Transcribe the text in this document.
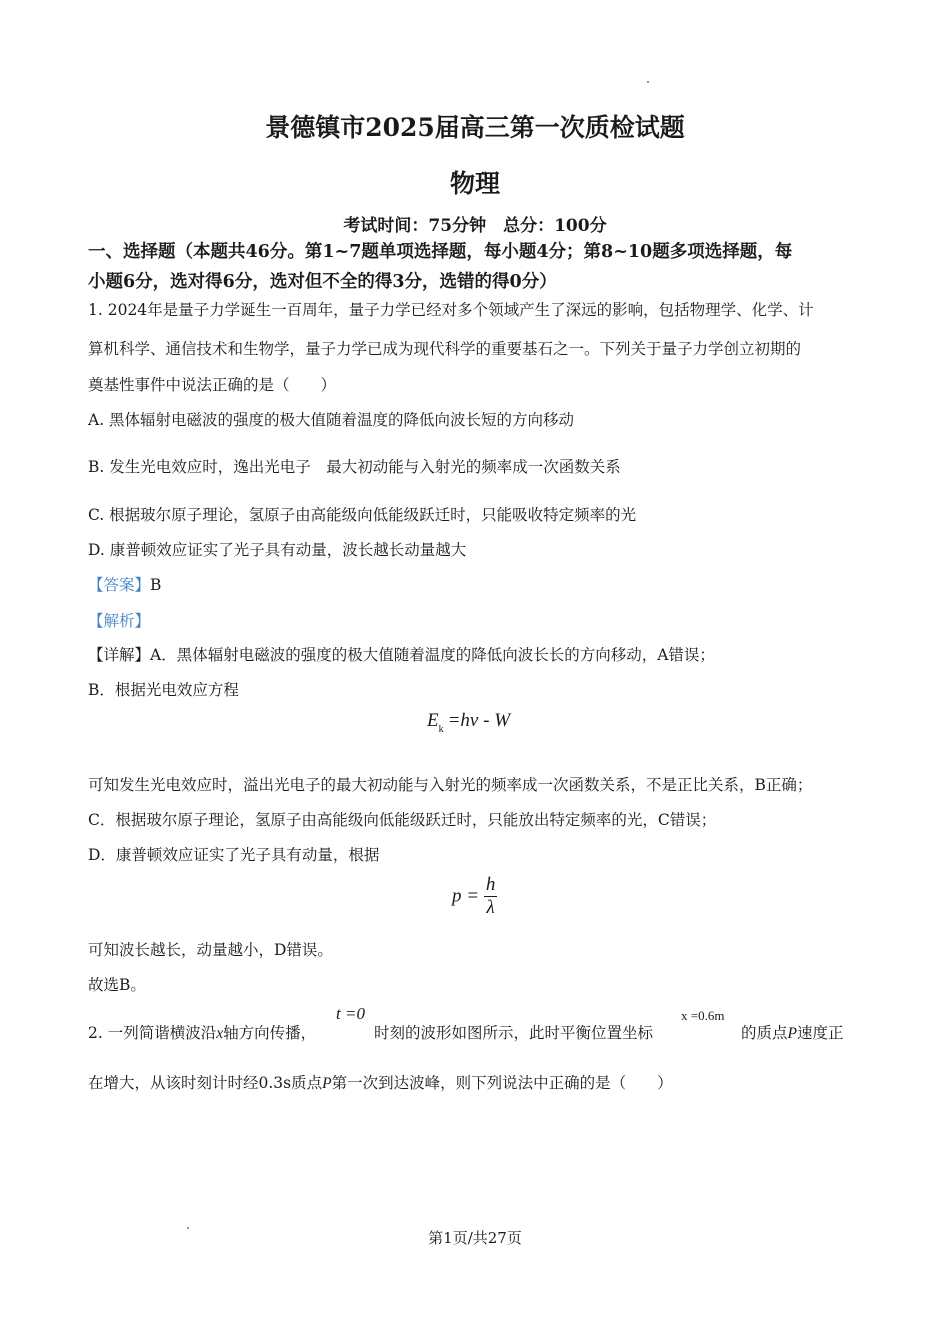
景德镇市2025届高三第一次质检试题
物理
考试时间：75分钟　总分：100分
一、选择题（本题共46分。第1~7题单项选择题，每小题4分；第8~10题多项选择题，每
小题6分，选对得6分，选对但不全的得3分，选错的得0分）
1. 2024年是量子力学诞生一百周年，量子力学已经对多个领域产生了深远的影响，包括物理学、化学、计
算机科学、通信技术和生物学，量子力学已成为现代科学的重要基石之一。下列关于量子力学创立初期的
奠基性事件中说法正确的是（　　）
A. 黑体辐射电磁波的强度的极大值随着温度的降低向波长短的方向移动
B. 发生光电效应时，逸出光电子　最大初动能与入射光的频率成一次函数关系
C. 根据玻尔原子理论，氢原子由高能级向低能级跃迁时，只能吸收特定频率的光
D. 康普顿效应证实了光子具有动量，波长越长动量越大
【答案】B
【解析】
【详解】A．黑体辐射电磁波的强度的极大值随着温度的降低向波长长的方向移动，A错误；
B．根据光电效应方程
$E_k =h\nu - W$
可知发生光电效应时，溢出光电子的最大初动能与入射光的频率成一次函数关系，不是正比关系，B正确；
C．根据玻尔原子理论，氢原子由高能级向低能级跃迁时，只能放出特定频率的光，C错误；
D．康普顿效应证实了光子具有动量，根据
$p = \frac{h}{\lambda}$
可知波长越长，动量越小，D错误。
故选B。
2. 一列简谐横波沿x轴方向传播，
t =0
时刻的波形如图所示，此时平衡位置坐标
x =0.6m
的质点P速度正
在增大，从该时刻计时经0.3s质点P第一次到达波峰，则下列说法中正确的是（　　）
第1页/共27页
